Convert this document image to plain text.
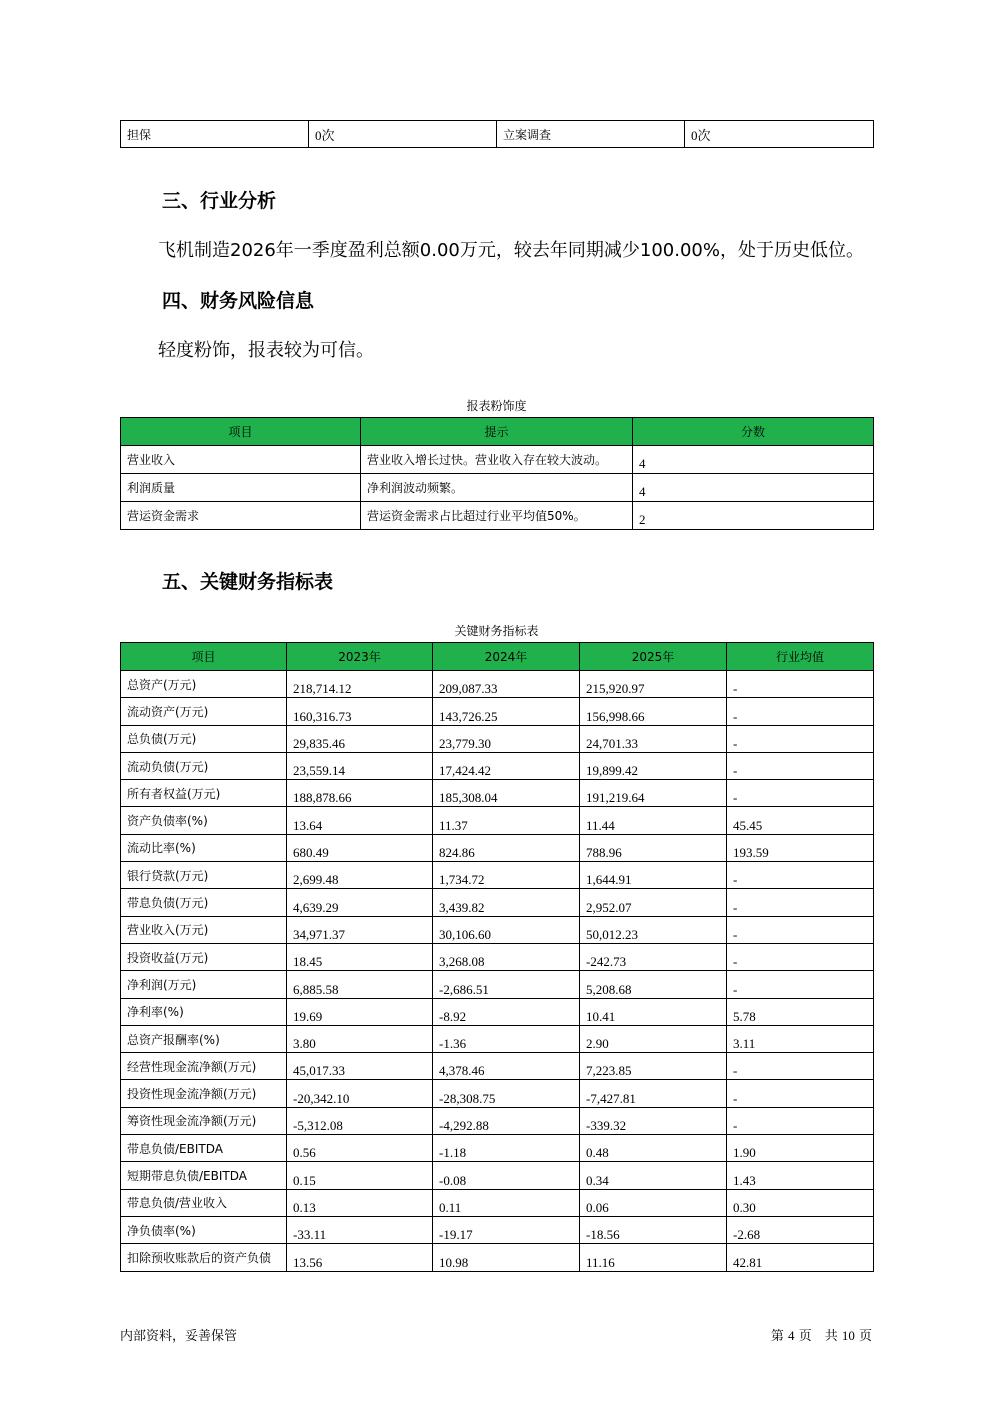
担保	0次	立案调查	0次
三、行业分析

飞机制造2026年一季度盈利总额0.00万元，较去年同期减少100.00%，处于历史低位。

四、财务风险信息

轻度粉饰，报表较为可信。

报表粉饰度

项目	提示	分数
营业收入	营业收入增长过快。营业收入存在较大波动。	4
利润质量	净利润波动频繁。	4
营运资金需求	营运资金需求占比超过行业平均值50%。	2
五、关键财务指标表

关键财务指标表

项目	2023年	2024年	2025年	行业均值
总资产(万元)	218,714.12	209,087.33	215,920.97	-
流动资产(万元)	160,316.73	143,726.25	156,998.66	-
总负债(万元)	29,835.46	23,779.30	24,701.33	-
流动负债(万元)	23,559.14	17,424.42	19,899.42	-
所有者权益(万元)	188,878.66	185,308.04	191,219.64	-
资产负债率(%)	13.64	11.37	11.44	45.45
流动比率(%)	680.49	824.86	788.96	193.59
银行贷款(万元)	2,699.48	1,734.72	1,644.91	-
带息负债(万元)	4,639.29	3,439.82	2,952.07	-
营业收入(万元)	34,971.37	30,106.60	50,012.23	-
投资收益(万元)	18.45	3,268.08	-242.73	-
净利润(万元)	6,885.58	-2,686.51	5,208.68	-
净利率(%)	19.69	-8.92	10.41	5.78
总资产报酬率(%)	3.80	-1.36	2.90	3.11
经营性现金流净额(万元)	45,017.33	4,378.46	7,223.85	-
投资性现金流净额(万元)	-20,342.10	-28,308.75	-7,427.81	-
筹资性现金流净额(万元)	-5,312.08	-4,292.88	-339.32	-
带息负债/EBITDA	0.56	-1.18	0.48	1.90
短期带息负债/EBITDA	0.15	-0.08	0.34	1.43
带息负债/营业收入	0.13	0.11	0.06	0.30
净负债率(%)	-33.11	-19.17	-18.56	-2.68
扣除预收账款后的资产负债	13.56	10.98	11.16	42.81

内部资料，妥善保管	第 4 页　共 10 页
